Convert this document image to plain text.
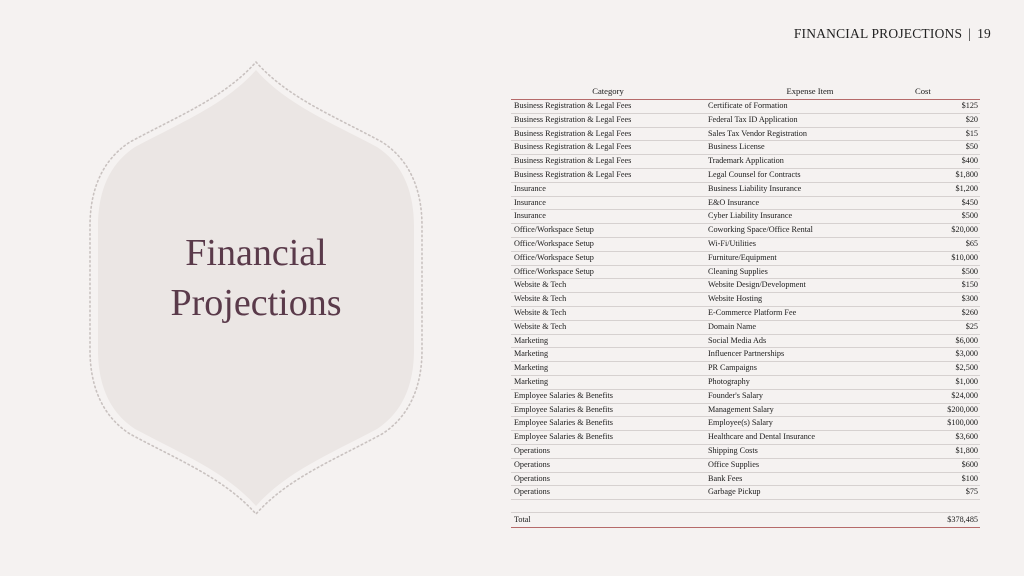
FINANCIAL PROJECTIONS | 19
Financial
Projections
Category	Expense Item	Cost
Business Registration & Legal Fees	Certificate of Formation	$125
Business Registration & Legal Fees	Federal Tax ID Application	$20
Business Registration & Legal Fees	Sales Tax Vendor Registration	$15
Business Registration & Legal Fees	Business License	$50
Business Registration & Legal Fees	Trademark Application	$400
Business Registration & Legal Fees	Legal Counsel for Contracts	$1,800
Insurance	Business Liability Insurance	$1,200
Insurance	E&O Insurance	$450
Insurance	Cyber Liability Insurance	$500
Office/Workspace Setup	Coworking Space/Office Rental	$20,000
Office/Workspace Setup	Wi-Fi/Utilities	$65
Office/Workspace Setup	Furniture/Equipment	$10,000
Office/Workspace Setup	Cleaning Supplies	$500
Website & Tech	Website Design/Development	$150
Website & Tech	Website Hosting	$300
Website & Tech	E-Commerce Platform Fee	$260
Website & Tech	Domain Name	$25
Marketing	Social Media Ads	$6,000
Marketing	Influencer Partnerships	$3,000
Marketing	PR Campaigns	$2,500
Marketing	Photography	$1,000
Employee Salaries & Benefits	Founder's Salary	$24,000
Employee Salaries & Benefits	Management Salary	$200,000
Employee Salaries & Benefits	Employee(s) Salary	$100,000
Employee Salaries & Benefits	Healthcare and Dental Insurance	$3,600
Operations	Shipping Costs	$1,800
Operations	Office Supplies	$600
Operations	Bank Fees	$100
Operations	Garbage Pickup	$75

Total		$378,485
